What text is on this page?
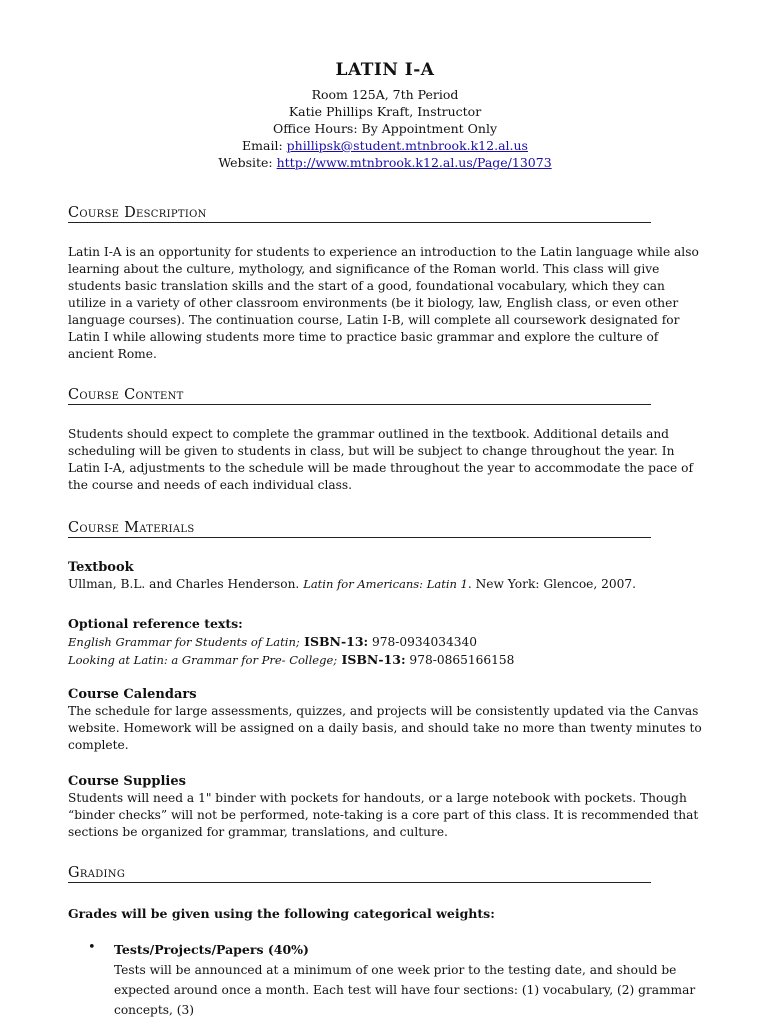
LATIN I-A
Room 125A, 7th Period
Katie Phillips Kraft, Instructor
Office Hours: By Appointment Only
Email: phillipsk@student.mtnbrook.k12.al.us
Website: http://www.mtnbrook.k12.al.us/Page/13073
Course Description
Latin I-A is an opportunity for students to experience an introduction to the Latin language while also learning about the culture, mythology, and significance of the Roman world. This class will give students basic translation skills and the start of a good, foundational vocabulary, which they can utilize in a variety of other classroom environments (be it biology, law, English class, or even other language courses). The continuation course, Latin I-B, will complete all coursework designated for Latin I while allowing students more time to practice basic grammar and explore the culture of ancient Rome.
Course Content
Students should expect to complete the grammar outlined in the textbook. Additional details and scheduling will be given to students in class, but will be subject to change throughout the year. In Latin I-A, adjustments to the schedule will be made throughout the year to accommodate the pace of the course and needs of each individual class.
Course Materials
Textbook
Ullman, B.L. and Charles Henderson. Latin for Americans: Latin 1. New York: Glencoe, 2007.
Optional reference texts:
English Grammar for Students of Latin; ISBN-13: 978-0934034340
Looking at Latin: a Grammar for Pre- College; ISBN-13: 978-0865166158
Course Calendars
The schedule for large assessments, quizzes, and projects will be consistently updated via the Canvas website. Homework will be assigned on a daily basis, and should take no more than twenty minutes to complete.
Course Supplies
Students will need a 1" binder with pockets for handouts, or a large notebook with pockets. Though “binder checks” will not be performed, note-taking is a core part of this class. It is recommended that sections be organized for grammar, translations, and culture.
Grading
Grades will be given using the following categorical weights:
• Tests/Projects/Papers (40%)
Tests will be announced at a minimum of one week prior to the testing date, and should be expected around once a month. Each test will have four sections: (1) vocabulary, (2) grammar concepts, (3)
